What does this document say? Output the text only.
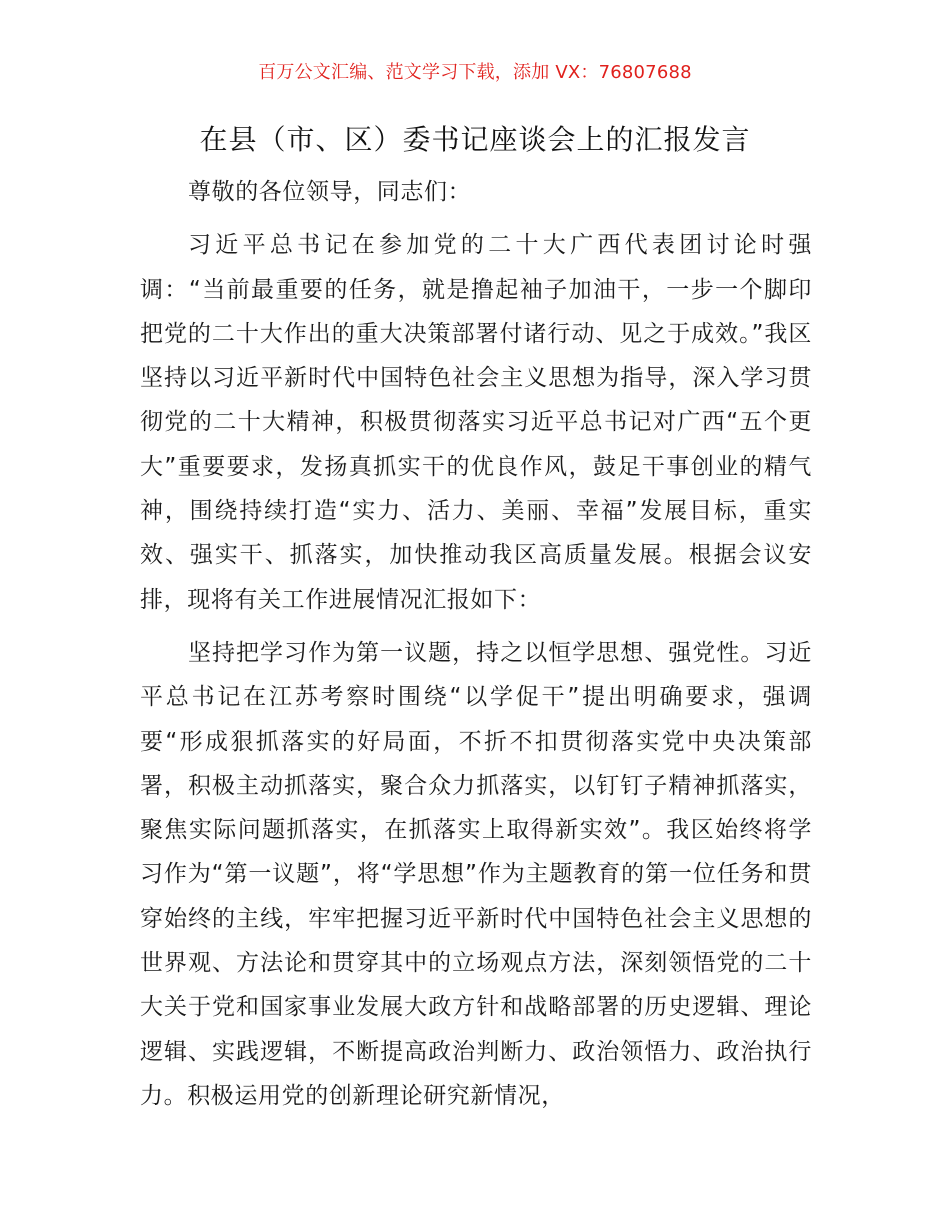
百万公文汇编、范文学习下载，添加 VX：76807688
在县（市、区）委书记座谈会上的汇报发言

尊敬的各位领导，同志们：

习近平总书记在参加党的二十大广西代表团讨论时强调：“当前最重要的任务，就是撸起袖子加油干，一步一个脚印把党的二十大作出的重大决策部署付诸行动、见之于成效。”我区坚持以习近平新时代中国特色社会主义思想为指导，深入学习贯彻党的二十大精神，积极贯彻落实习近平总书记对广西“五个更大”重要要求，发扬真抓实干的优良作风，鼓足干事创业的精气神，围绕持续打造“实力、活力、美丽、幸福”发展目标，重实效、强实干、抓落实，加快推动我区高质量发展。根据会议安排，现将有关工作进展情况汇报如下：

坚持把学习作为第一议题，持之以恒学思想、强党性。习近平总书记在江苏考察时围绕“以学促干”提出明确要求，强调要“形成狠抓落实的好局面，不折不扣贯彻落实党中央决策部署，积极主动抓落实，聚合众力抓落实，以钉钉子精神抓落实，聚焦实际问题抓落实，在抓落实上取得新实效”。我区始终将学习作为“第一议题”，将“学思想”作为主题教育的第一位任务和贯穿始终的主线，牢牢把握习近平新时代中国特色社会主义思想的世界观、方法论和贯穿其中的立场观点方法，深刻领悟党的二十大关于党和国家事业发展大政方针和战略部署的历史逻辑、理论逻辑、实践逻辑，不断提高政治判断力、政治领悟力、政治执行力。积极运用党的创新理论研究新情况，
